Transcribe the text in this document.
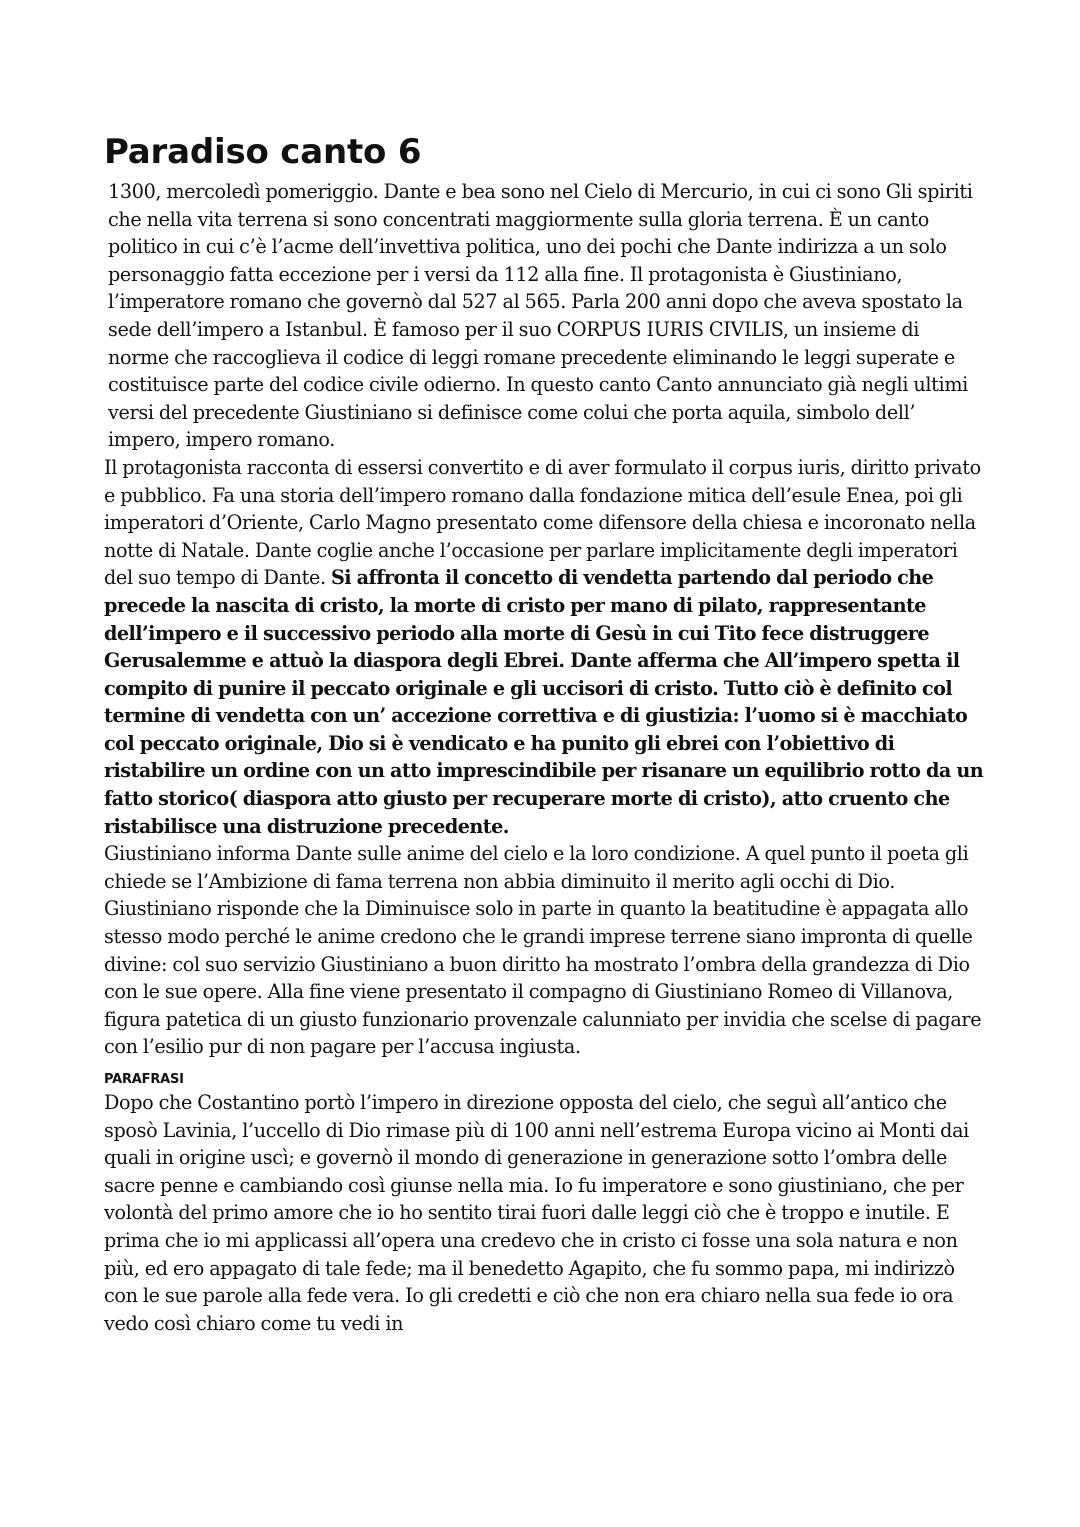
Paradiso canto 6

1300, mercoledì pomeriggio. Dante e bea sono nel Cielo di Mercurio, in cui ci sono Gli spiriti che nella vita terrena si sono concentrati maggiormente sulla gloria terrena. È un canto politico in cui c’è l’acme dell’invettiva politica, uno dei pochi che Dante indirizza a un solo personaggio fatta eccezione per i versi da 112 alla fine. Il protagonista è Giustiniano, l’imperatore romano che governò dal 527 al 565. Parla 200 anni dopo che aveva spostato la sede dell’impero a Istanbul. È famoso per il suo CORPUS IURIS CIVILIS, un insieme di norme che raccoglieva il codice di leggi romane precedente eliminando le leggi superate e costituisce parte del codice civile odierno. In questo canto Canto annunciato già negli ultimi versi del precedente Giustiniano si definisce come colui che porta aquila, simbolo dell’ impero, impero romano.

Il protagonista racconta di essersi convertito e di aver formulato il corpus iuris, diritto privato e pubblico. Fa una storia dell’impero romano dalla fondazione mitica dell’esule Enea, poi gli imperatori d’Oriente, Carlo Magno presentato come difensore della chiesa e incoronato nella notte di Natale. Dante coglie anche l’occasione per parlare implicitamente degli imperatori del suo tempo di Dante. Si affronta il concetto di vendetta partendo dal periodo che precede la nascita di cristo, la morte di cristo per mano di pilato, rappresentante dell’impero e il successivo periodo alla morte di Gesù in cui Tito fece distruggere Gerusalemme e attuò la diaspora degli Ebrei. Dante afferma che All’impero spetta il compito di punire il peccato originale e gli uccisori di cristo. Tutto ciò è definito col termine di vendetta con un’ accezione correttiva e di giustizia: l’uomo si è macchiato col peccato originale, Dio si è vendicato e ha punito gli ebrei con l’obiettivo di ristabilire un ordine con un atto imprescindibile per risanare un equilibrio rotto da un fatto storico( diaspora atto giusto per recuperare morte di cristo), atto cruento che ristabilisce una distruzione precedente.

Giustiniano informa Dante sulle anime del cielo e la loro condizione. A quel punto il poeta gli chiede se l’Ambizione di fama terrena non abbia diminuito il merito agli occhi di Dio. Giustiniano risponde che la Diminuisce solo in parte in quanto la beatitudine è appagata allo stesso modo perché le anime credono che le grandi imprese terrene siano impronta di quelle divine: col suo servizio Giustiniano a buon diritto ha mostrato l’ombra della grandezza di Dio con le sue opere. Alla fine viene presentato il compagno di Giustiniano Romeo di Villanova, figura patetica di un giusto funzionario provenzale calunniato per invidia che scelse di pagare con l’esilio pur di non pagare per l’accusa ingiusta.

PARAFRASI

Dopo che Costantino portò l’impero in direzione opposta del cielo, che seguì all’antico che sposò Lavinia, l’uccello di Dio rimase più di 100 anni nell’estrema Europa vicino ai Monti dai quali in origine uscì; e governò il mondo di generazione in generazione sotto l’ombra delle sacre penne e cambiando così giunse nella mia. Io fu imperatore e sono giustiniano, che per volontà del primo amore che io ho sentito tirai fuori dalle leggi ciò che è troppo e inutile. E prima che io mi applicassi all’opera una credevo che in cristo ci fosse una sola natura e non più, ed ero appagato di tale fede; ma il benedetto Agapito, che fu sommo papa, mi indirizzò con le sue parole alla fede vera. Io gli credetti e ciò che non era chiaro nella sua fede io ora vedo così chiaro come tu vedi in
